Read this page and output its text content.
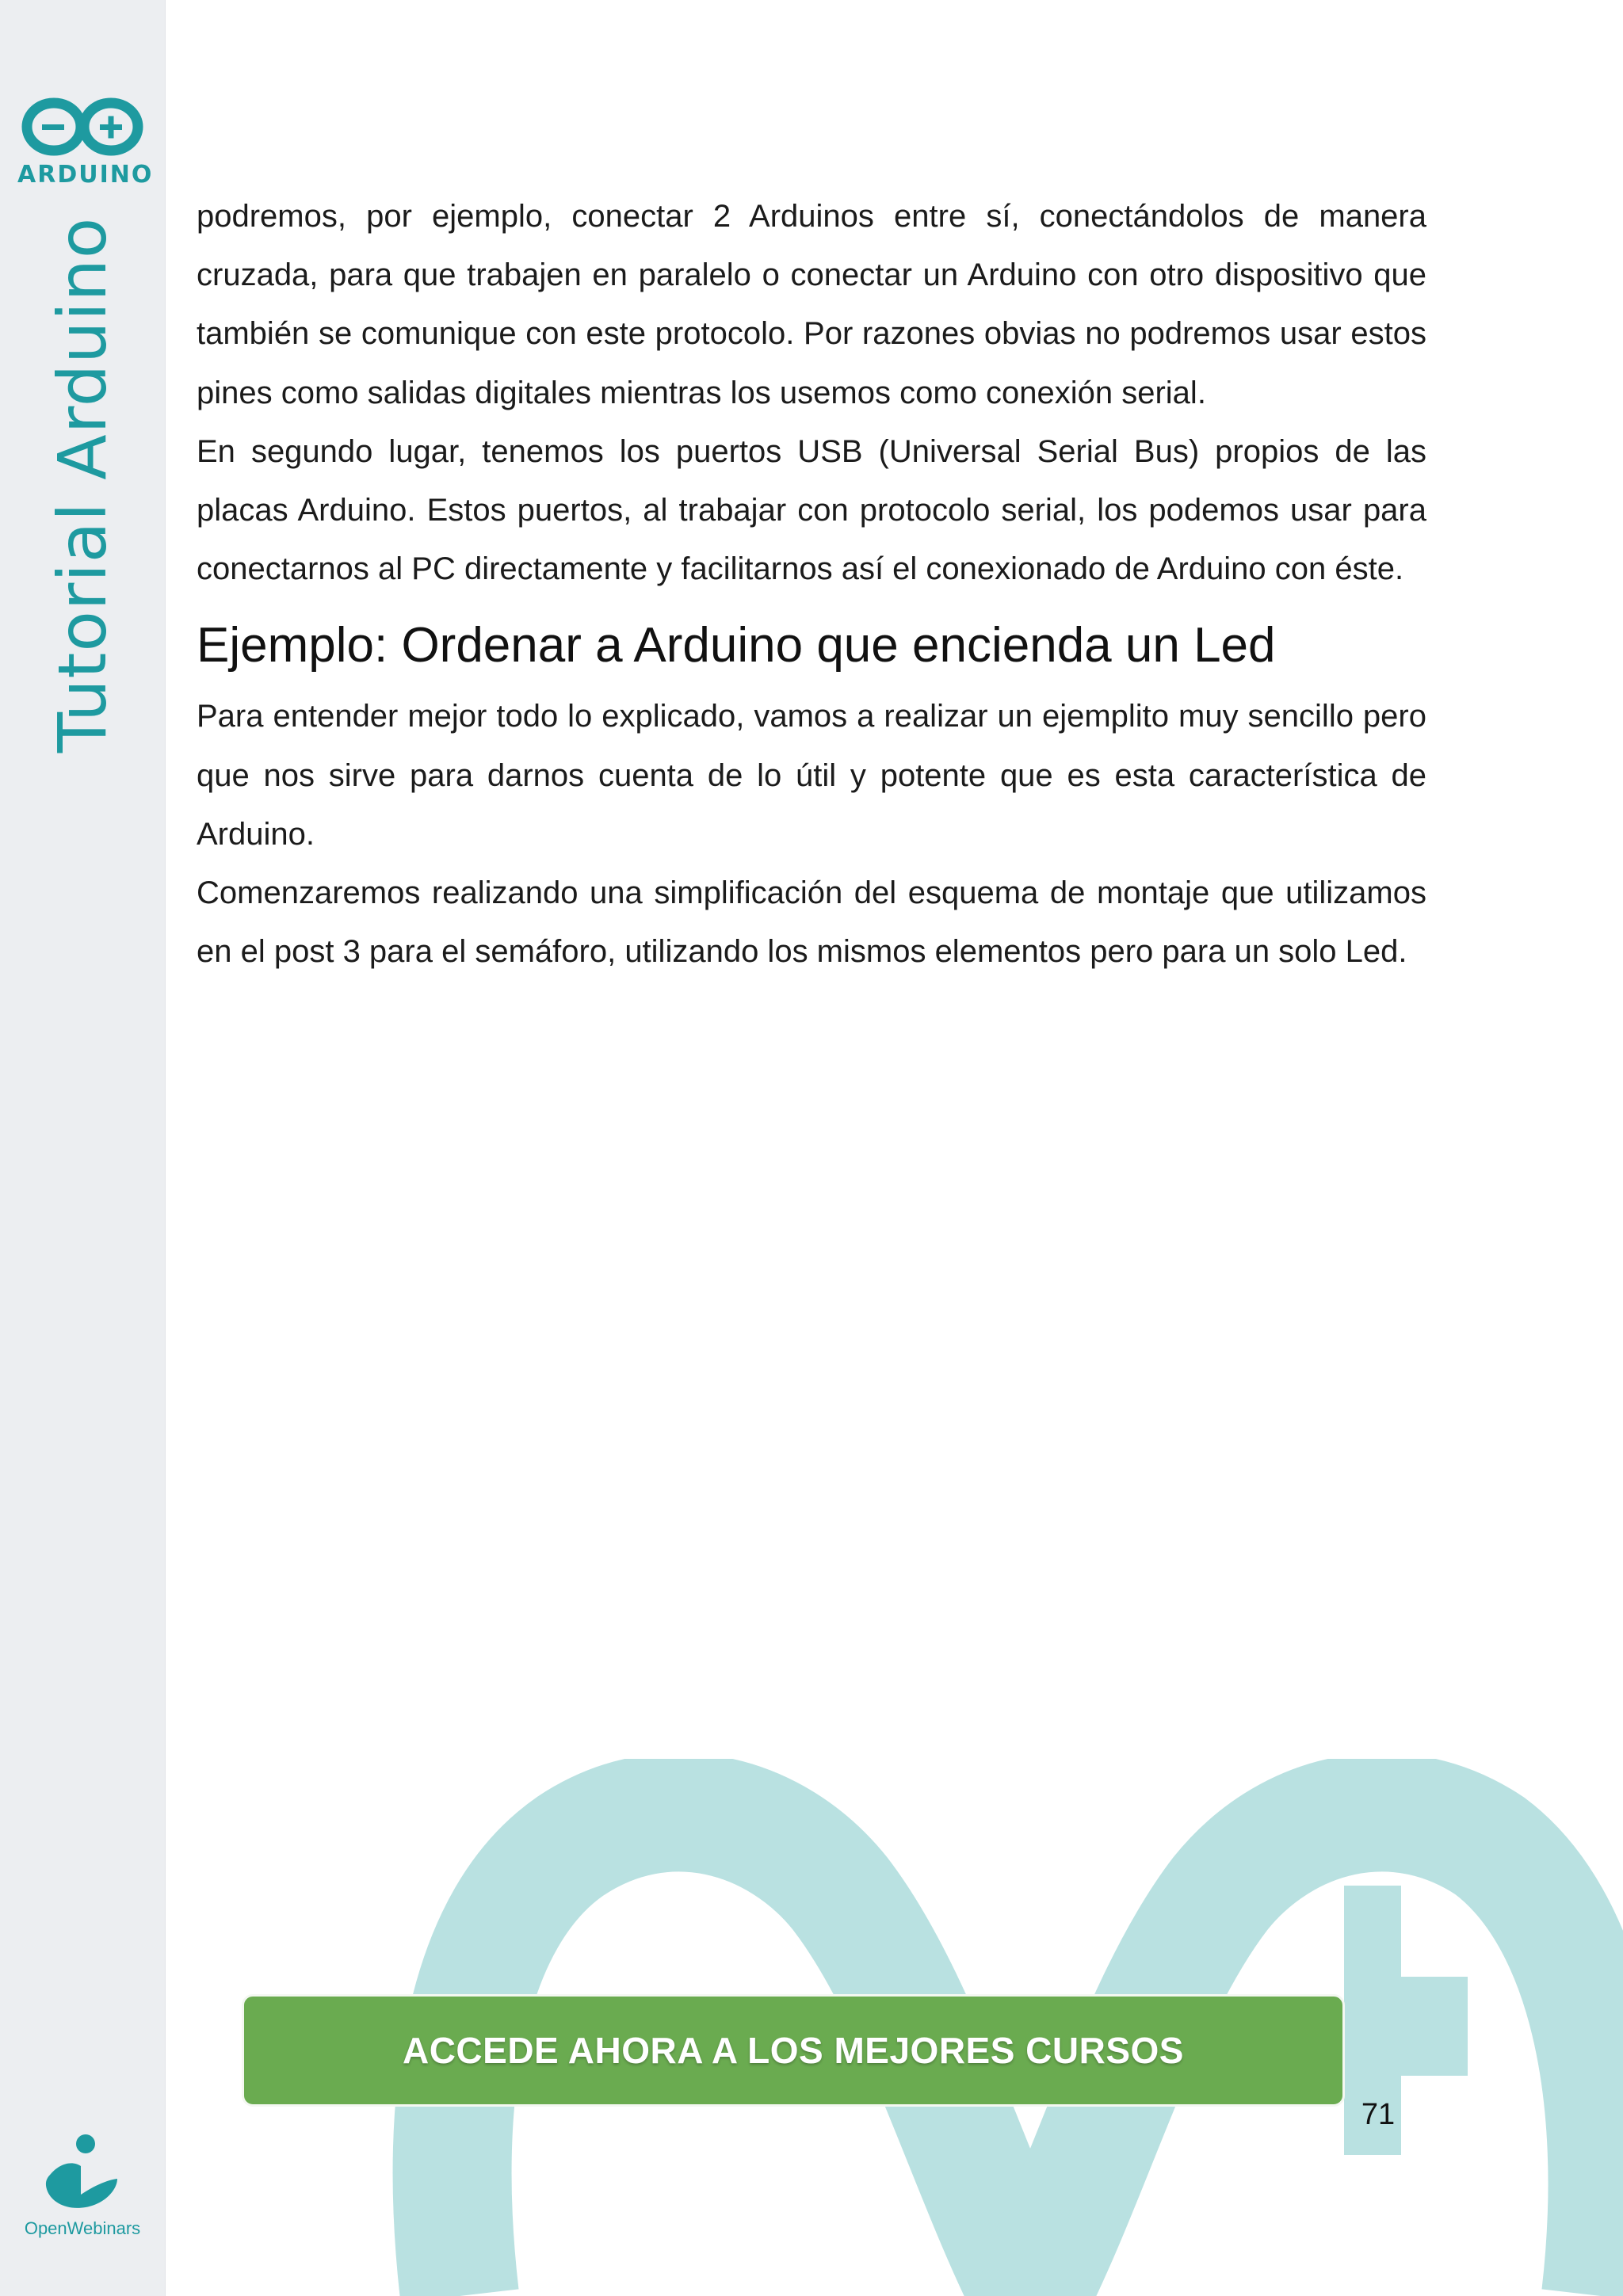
ARDUINO
Tutorial Arduino
OpenWebinars

podremos, por ejemplo, conectar 2 Arduinos entre sí, conectándolos de manera cruzada, para que trabajen en paralelo o conectar un Arduino con otro dispositivo que también se comunique con este protocolo. Por razones obvias no podremos usar estos pines como salidas digitales mientras los usemos como conexión serial.

En segundo lugar, tenemos los puertos USB (Universal Serial Bus) propios de las placas Arduino. Estos puertos, al trabajar con protocolo serial, los podemos usar para conectarnos al PC directamente y facilitarnos así el conexionado de Arduino con éste.

Ejemplo: Ordenar a Arduino que encienda un Led

Para entender mejor todo lo explicado, vamos a realizar un ejemplito muy sencillo pero que nos sirve para darnos cuenta de lo útil y potente que es esta característica de Arduino.

Comenzaremos realizando una simplificación del esquema de montaje que utilizamos en el post 3 para el semáforo, utilizando los mismos elementos pero para un solo Led.

ACCEDE AHORA A LOS MEJORES CURSOS
71
